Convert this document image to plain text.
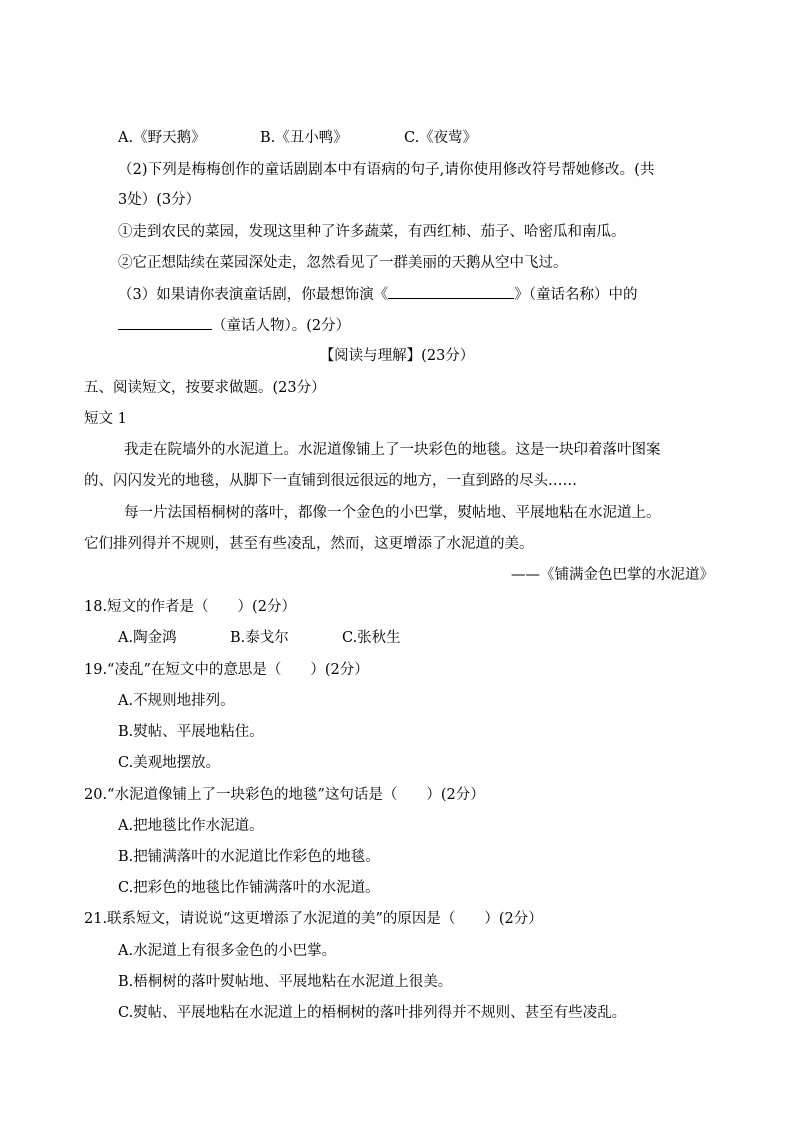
A.《野天鹅》	B.《丑小鸭》	C.《夜莺》
（2)下列是梅梅创作的童话剧剧本中有语病的句子,请你使用修改符号帮她修改。(共
3处）(3分）
①走到农民的菜园，发现这里种了许多蔬菜，有西红柿、茄子、哈密瓜和南瓜。
②它正想陆续在菜园深处走，忽然看见了一群美丽的天鹅从空中飞过。
（3）如果请你表演童话剧，你最想饰演《	》（童话名称）中的
（童话人物）。(2分）
【阅读与理解】(23分）
五、阅读短文，按要求做题。(23分）
短文 1
我走在院墙外的水泥道上。水泥道像铺上了一块彩色的地毯。这是一块印着落叶图案
的、闪闪发光的地毯，从脚下一直铺到很远很远的地方，一直到路的尽头……
每一片法国梧桐树的落叶，都像一个金色的小巴掌，熨帖地、平展地粘在水泥道上。
它们排列得并不规则，甚至有些凌乱，然而，这更增添了水泥道的美。
——《铺满金色巴掌的水泥道》
18.短文的作者是（　　）(2分）
A.陶金鸿	B.泰戈尔	C.张秋生
19.“凌乱”在短文中的意思是（　　）(2分）
A.不规则地排列。
B.熨帖、平展地粘住。
C.美观地摆放。
20.“水泥道像铺上了一块彩色的地毯”这句话是（　　）(2分）
A.把地毯比作水泥道。
B.把铺满落叶的水泥道比作彩色的地毯。
C.把彩色的地毯比作铺满落叶的水泥道。
21.联系短文，请说说“这更增添了水泥道的美”的原因是（　　）(2分）
A.水泥道上有很多金色的小巴掌。
B.梧桐树的落叶熨帖地、平展地粘在水泥道上很美。
C.熨帖、平展地粘在水泥道上的梧桐树的落叶排列得并不规则、甚至有些凌乱。
